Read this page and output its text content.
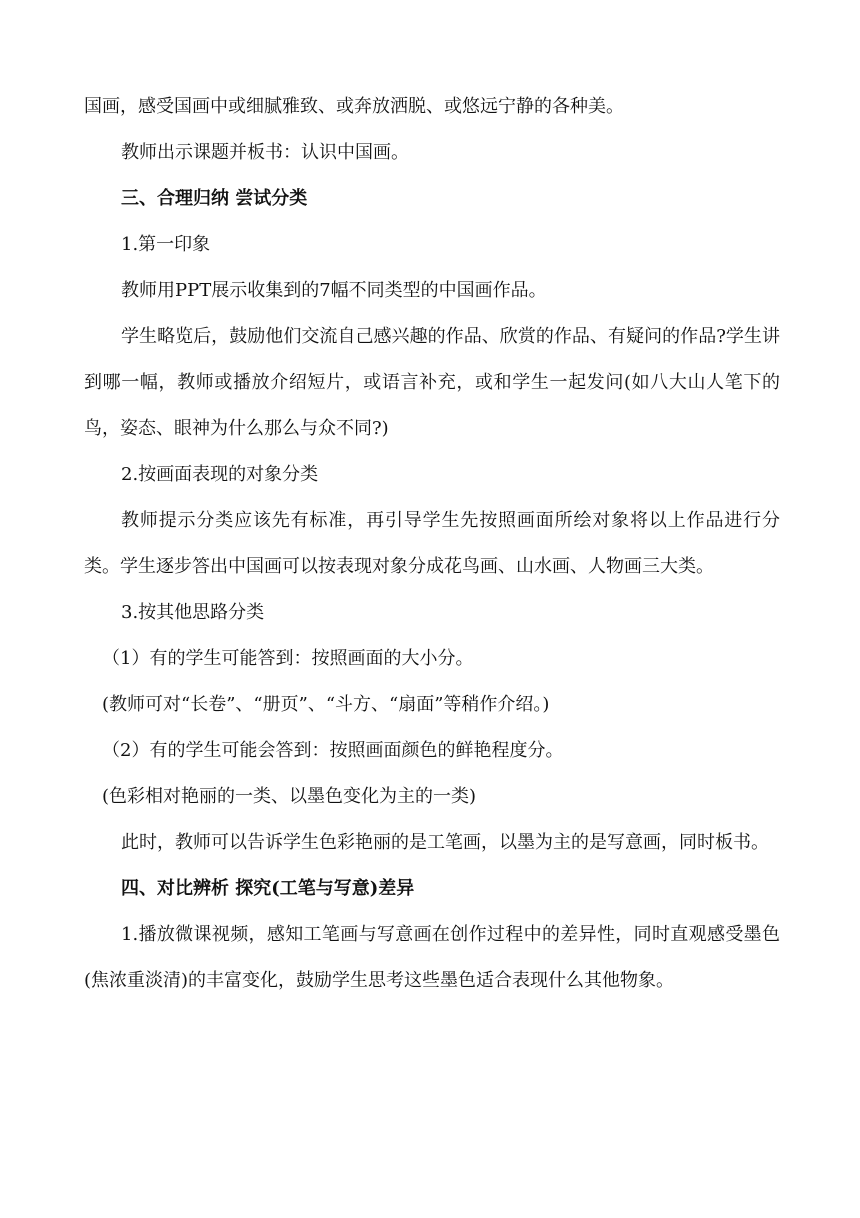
国画，感受国画中或细腻雅致、或奔放洒脱、或悠远宁静的各种美。

教师出示课题并板书：认识中国画。

三、合理归纳 尝试分类

1.第一印象

教师用PPT展示收集到的7幅不同类型的中国画作品。

学生略览后，鼓励他们交流自己感兴趣的作品、欣赏的作品、有疑问的作品?学生讲到哪一幅，教师或播放介绍短片，或语言补充，或和学生一起发问(如八大山人笔下的鸟，姿态、眼神为什么那么与众不同?)

2.按画面表现的对象分类

教师提示分类应该先有标准，再引导学生先按照画面所绘对象将以上作品进行分类。学生逐步答出中国画可以按表现对象分成花鸟画、山水画、人物画三大类。

3.按其他思路分类

（1）有的学生可能答到：按照画面的大小分。

(教师可对“长卷”、“册页”、“斗方、“扇面”等稍作介绍。)

（2）有的学生可能会答到：按照画面颜色的鲜艳程度分。

(色彩相对艳丽的一类、以墨色变化为主的一类)

此时，教师可以告诉学生色彩艳丽的是工笔画，以墨为主的是写意画，同时板书。

四、对比辨析 探究(工笔与写意)差异

1.播放微课视频，感知工笔画与写意画在创作过程中的差异性，同时直观感受墨色(焦浓重淡清)的丰富变化，鼓励学生思考这些墨色适合表现什么其他物象。
